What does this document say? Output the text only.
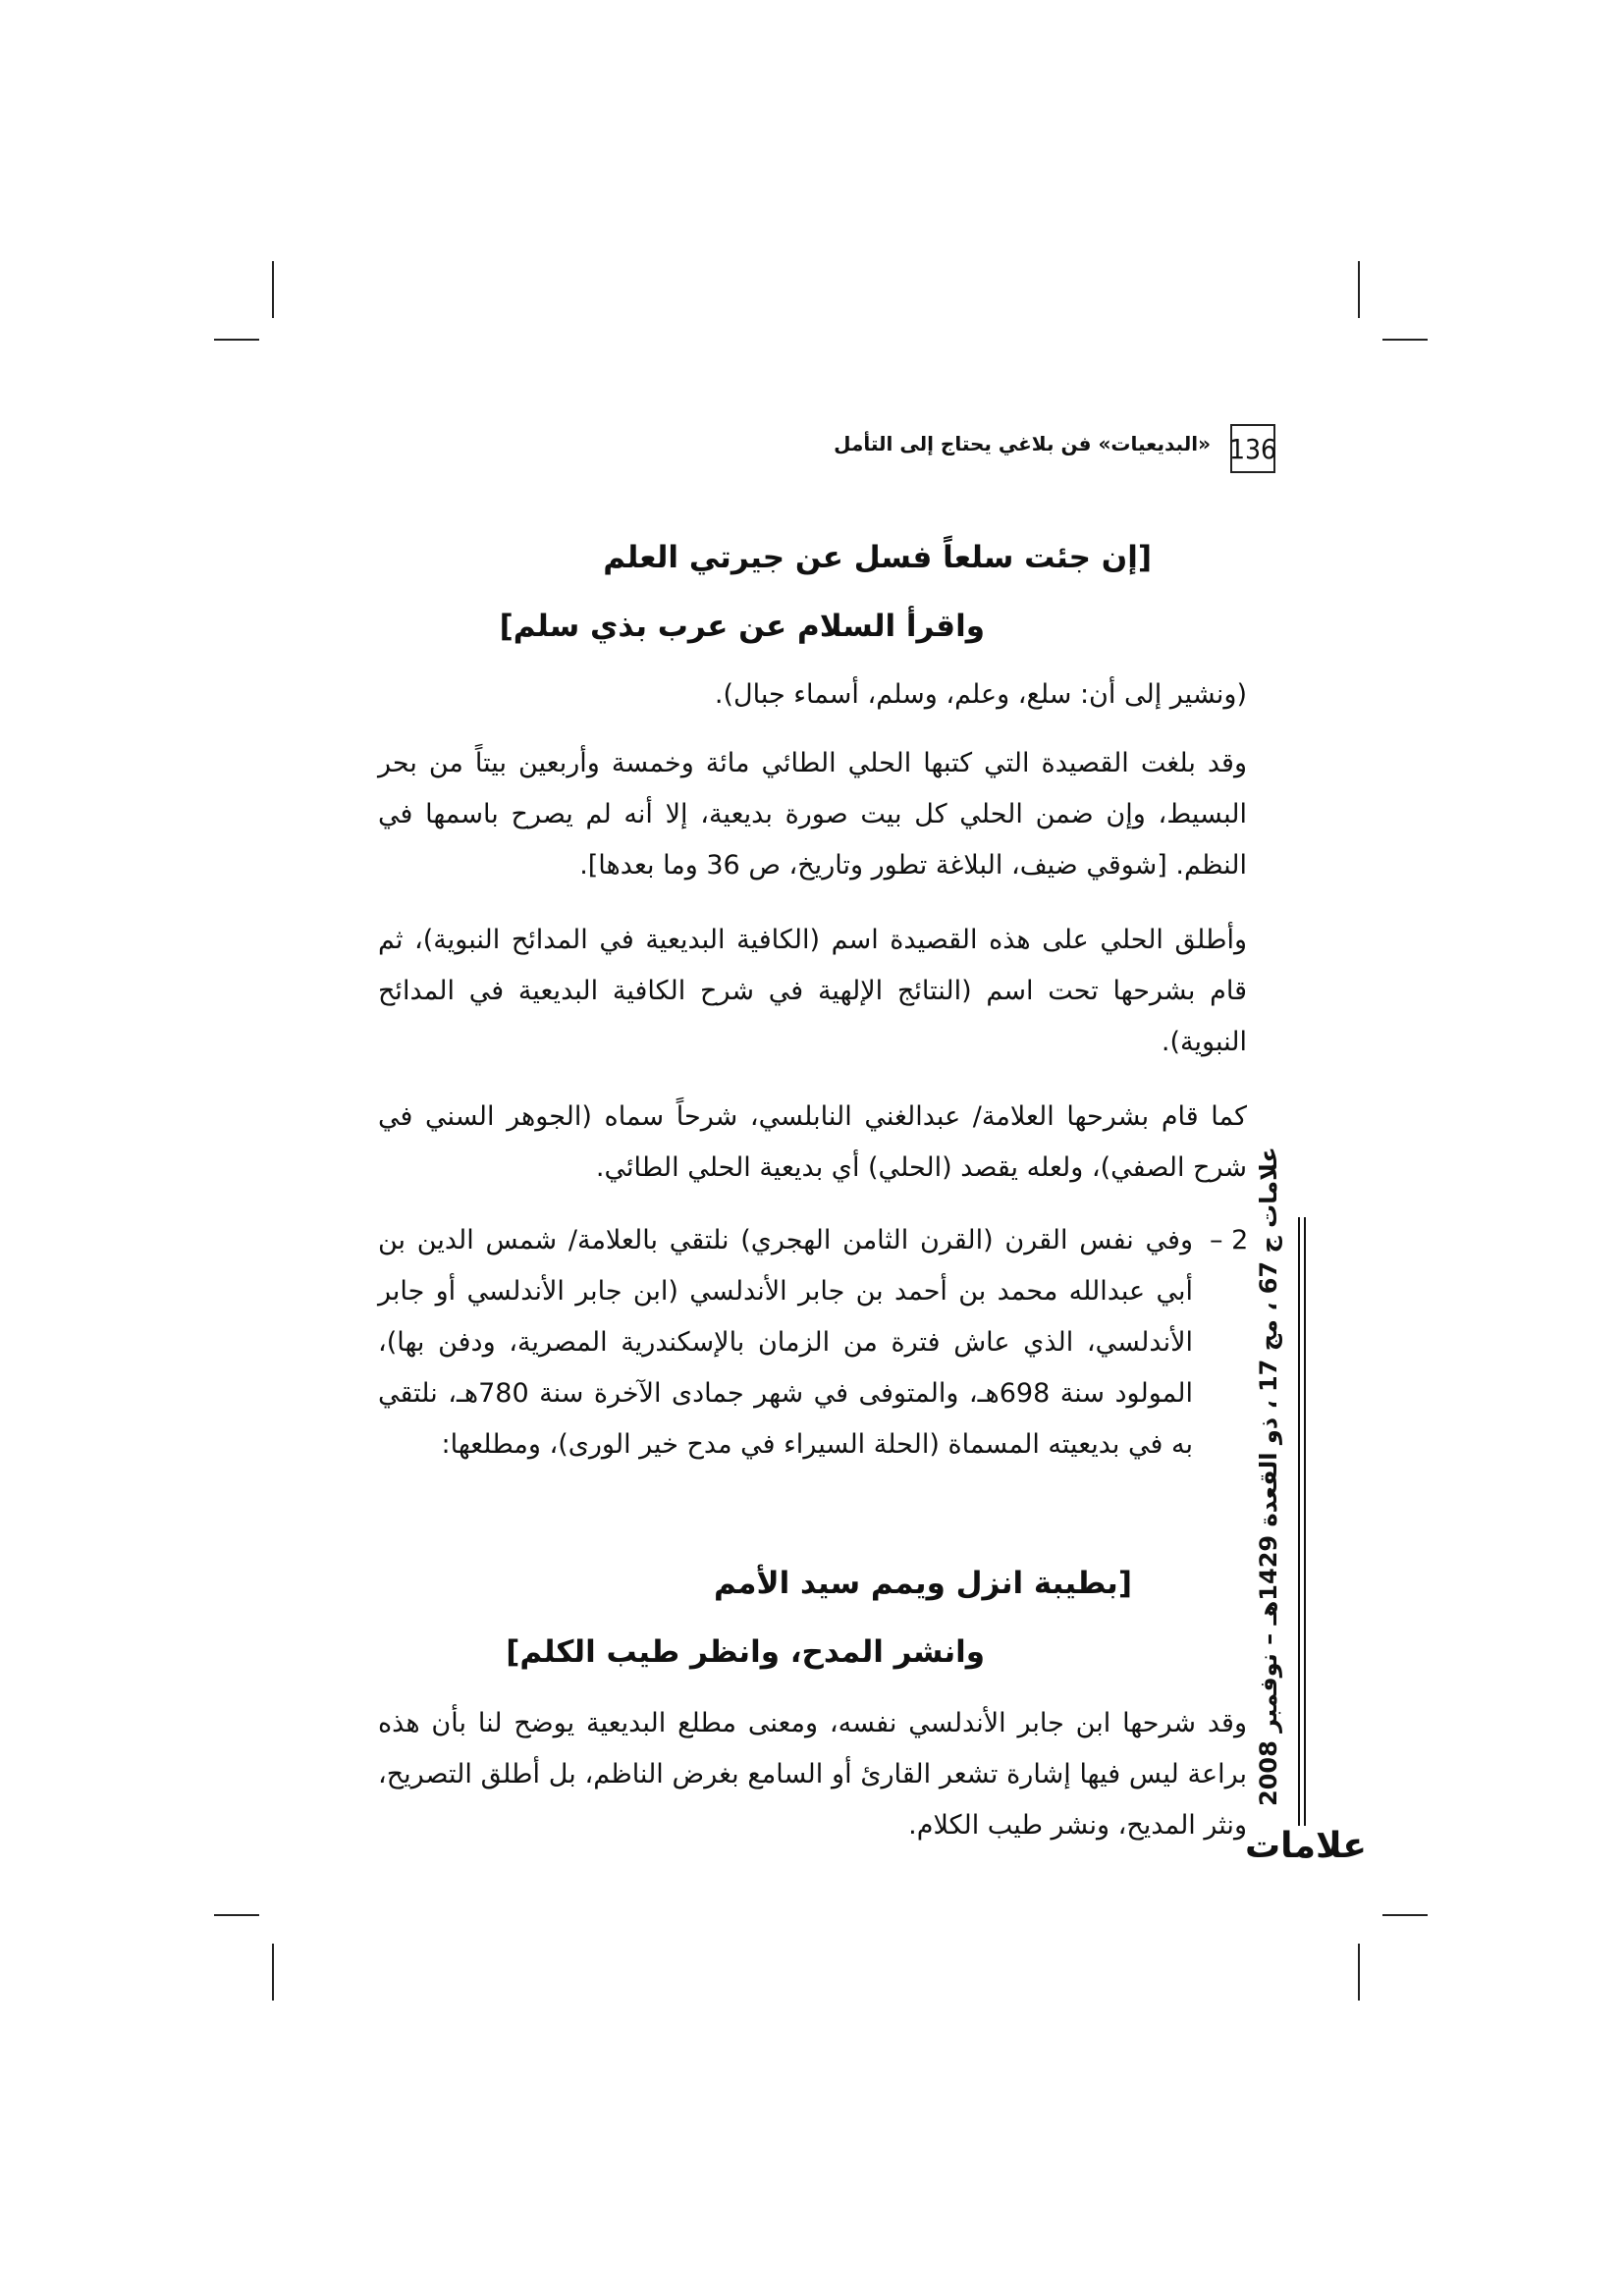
136
«البديعيات» فن بلاغي يحتاج إلى التأمل
[إن جئت سلعاً فسل عن جيرتي العلم
واقرأ السلام عن عرب بذي سلم]
(ونشير إلى أن: سلع، وعلم، وسلم، أسماء جبال).
وقد بلغت القصيدة التي كتبها الحلي الطائي مائة وخمسة وأربعين بيتاً من بحر البسيط، وإن ضمن الحلي كل بيت صورة بديعية، إلا أنه لم يصرح باسمها في النظم. [شوقي ضيف، البلاغة تطور وتاريخ، ص 36 وما بعدها].
وأطلق الحلي على هذه القصيدة اسم (الكافية البديعية في المدائح النبوية)، ثم قام بشرحها تحت اسم (النتائج الإلهية في شرح الكافية البديعية في المدائح النبوية).
كما قام بشرحها العلامة/ عبدالغني النابلسي، شرحاً سماه (الجوهر السني في شرح الصفي)، ولعله يقصد (الحلي) أي بديعية الحلي الطائي.
2 –
وفي نفس القرن (القرن الثامن الهجري) نلتقي بالعلامة/ شمس الدين بن أبي عبدالله محمد بن أحمد بن جابر الأندلسي (ابن جابر الأندلسي أو جابر الأندلسي، الذي عاش فترة من الزمان بالإسكندرية المصرية، ودفن بها)، المولود سنة 698هـ، والمتوفى في شهر جمادى الآخرة سنة 780هـ، نلتقي به في بديعيته المسماة (الحلة السيراء في مدح خير الورى)، ومطلعها:
[بطيبة انزل ويمم سيد الأمم
وانشر المدح، وانظر طيب الكلم]
وقد شرحها ابن جابر الأندلسي نفسه، ومعنى مطلع البديعية يوضح لنا بأن هذه براعة ليس فيها إشارة تشعر القارئ أو السامع بغرض الناظم، بل أطلق التصريح، ونثر المديح، ونشر طيب الكلام.
علامات ج 67 ، مج 17 ، ذو القعدة 1429هـ – نوفمبر 2008
علامات
